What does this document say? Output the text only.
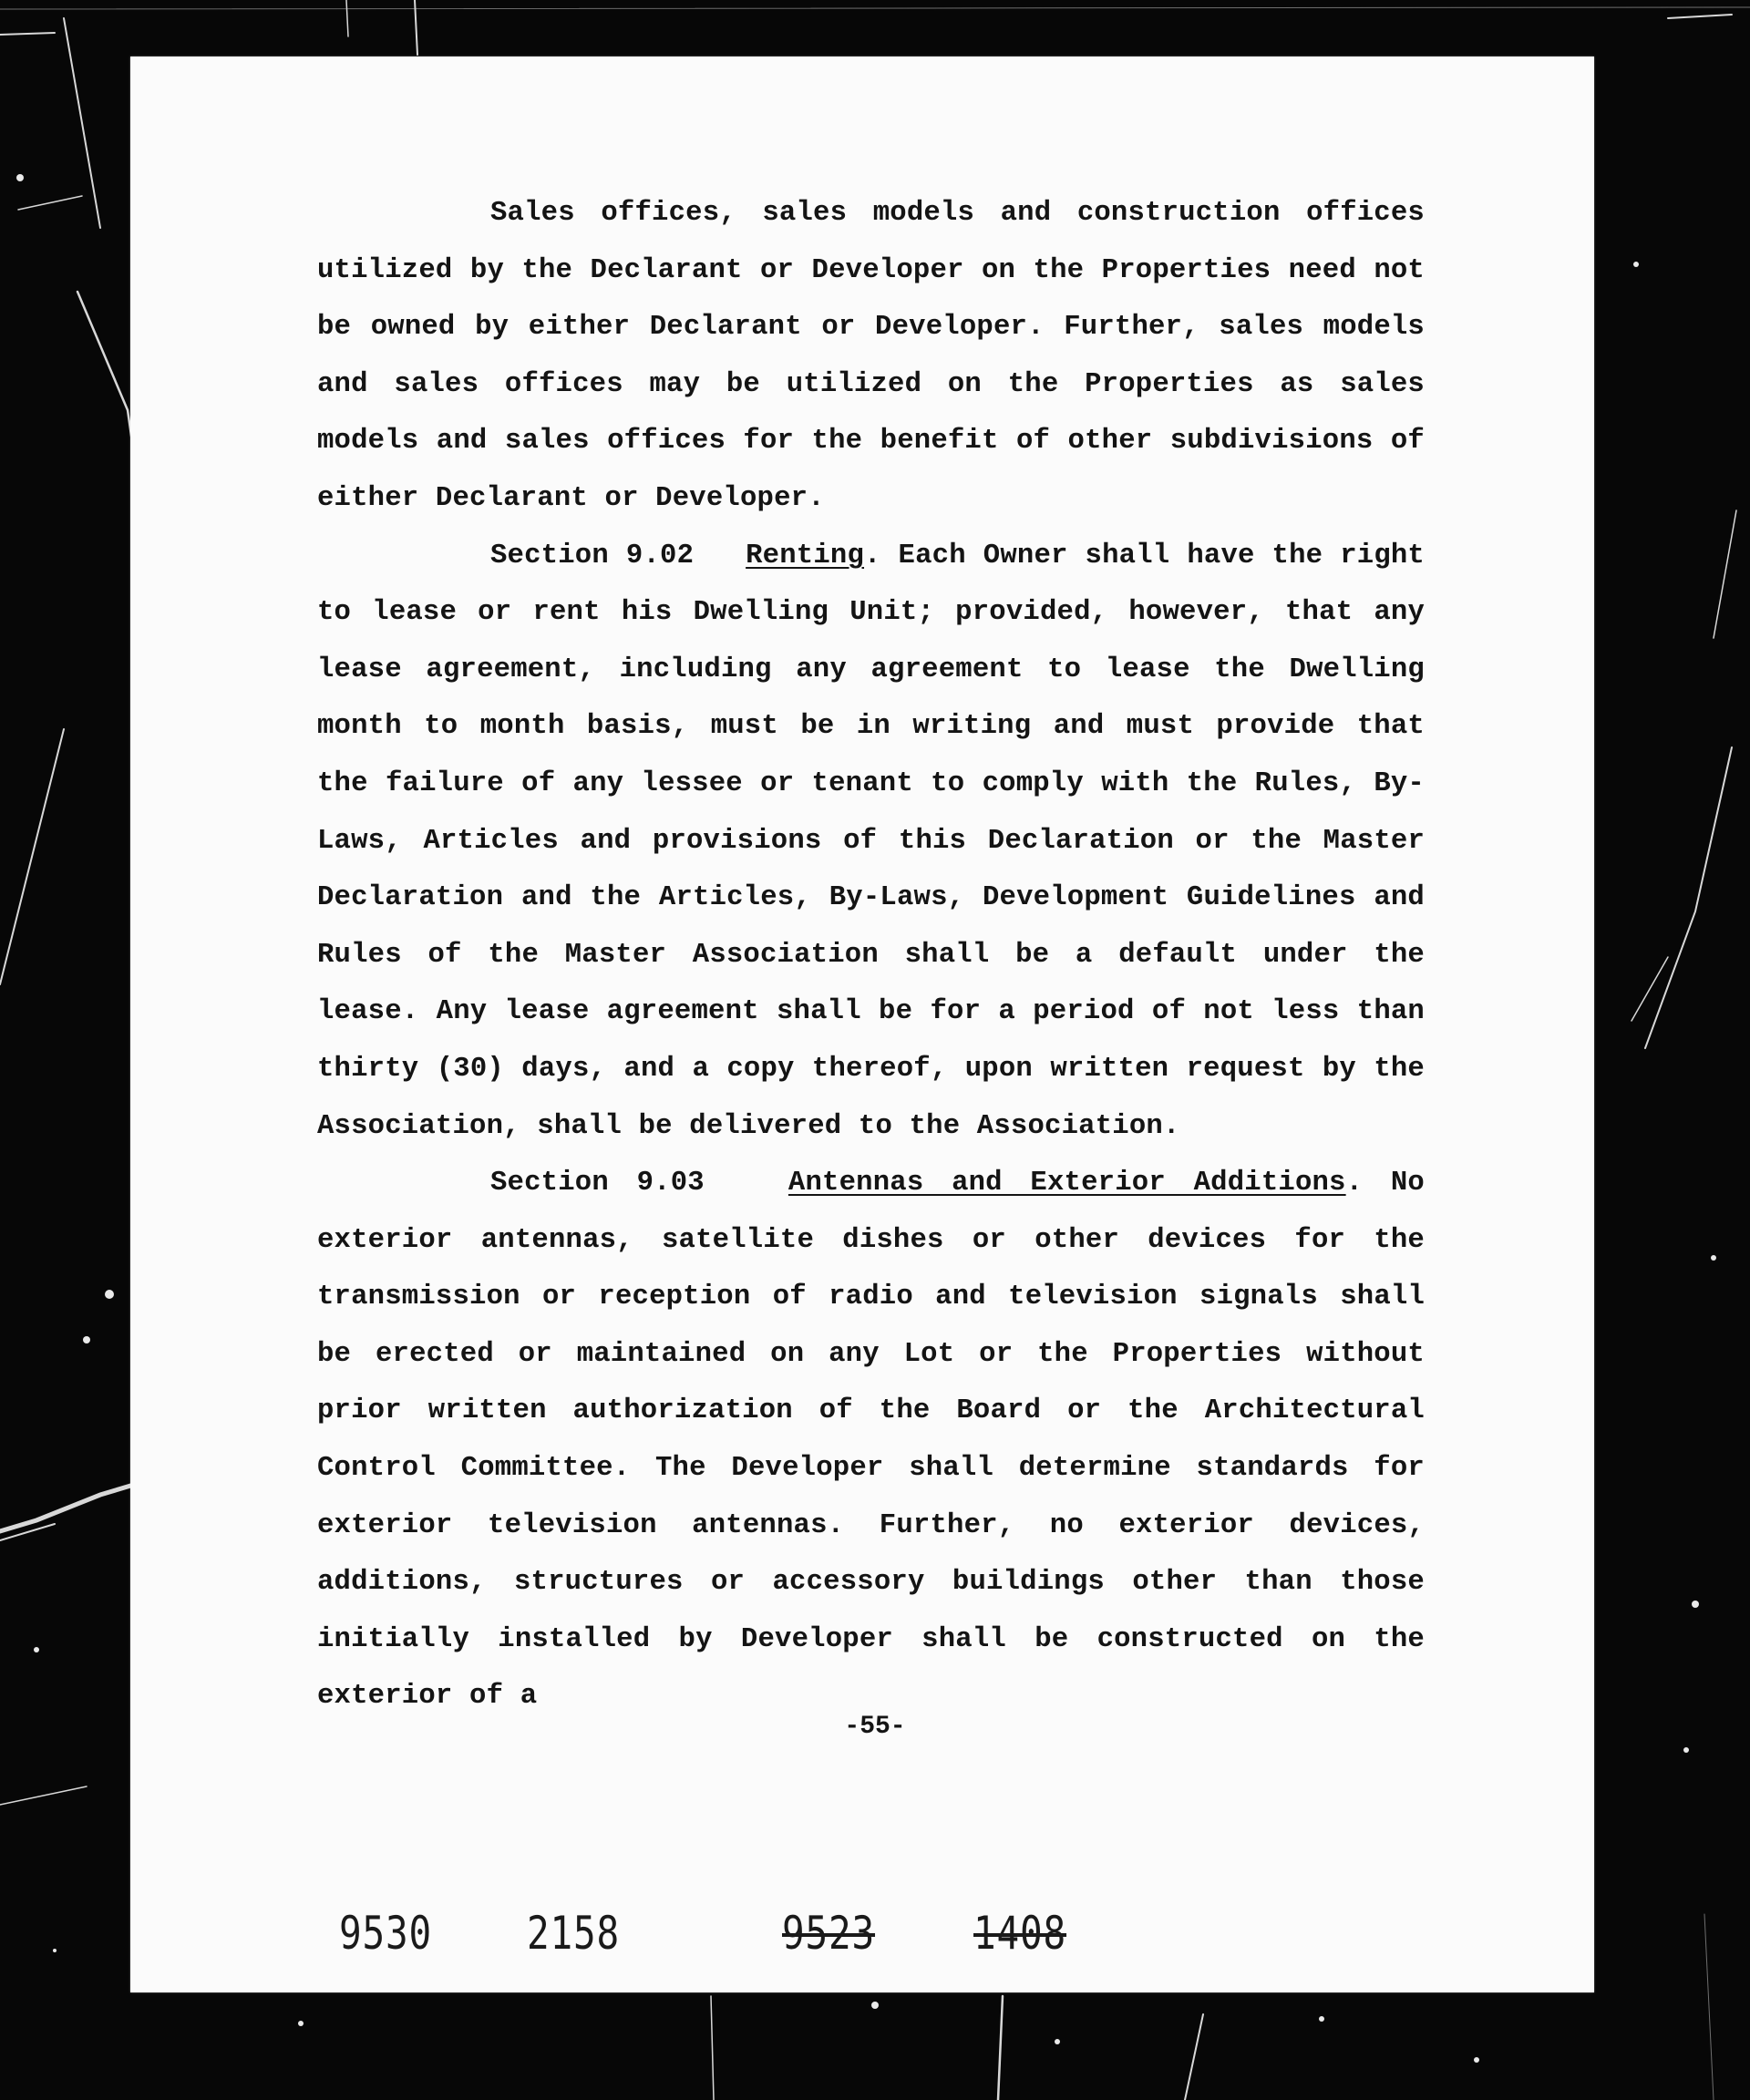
Sales offices, sales models and construction offices utilized by the Declarant or Developer on the Properties need not be owned by either Declarant or Developer. Further, sales models and sales offices may be utilized on the Properties as sales models and sales offices for the benefit of other subdivisions of either Declarant or Developer.

Section 9.02 Renting. Each Owner shall have the right to lease or rent his Dwelling Unit; provided, however, that any lease agreement, including any agreement to lease the Dwelling month to month basis, must be in writing and must provide that the failure of any lessee or tenant to comply with the Rules, By-Laws, Articles and provisions of this Declaration or the Master Declaration and the Articles, By-Laws, Development Guidelines and Rules of the Master Association shall be a default under the lease. Any lease agreement shall be for a period of not less than thirty (30) days, and a copy thereof, upon written request by the Association, shall be delivered to the Association.

Section 9.03	Antennas and Exterior Additions. No exterior antennas, satellite dishes or other devices for the transmission or reception of radio and television signals shall be erected or maintained on any Lot or the Properties without prior written authorization of the Board or the Architectural Control Committee. The Developer shall determine standards for exterior television antennas. Further, no exterior devices, additions, structures or accessory buildings other than those initially installed by Developer shall be constructed on the exterior of a

-55-
9530 2158	9523 1408
